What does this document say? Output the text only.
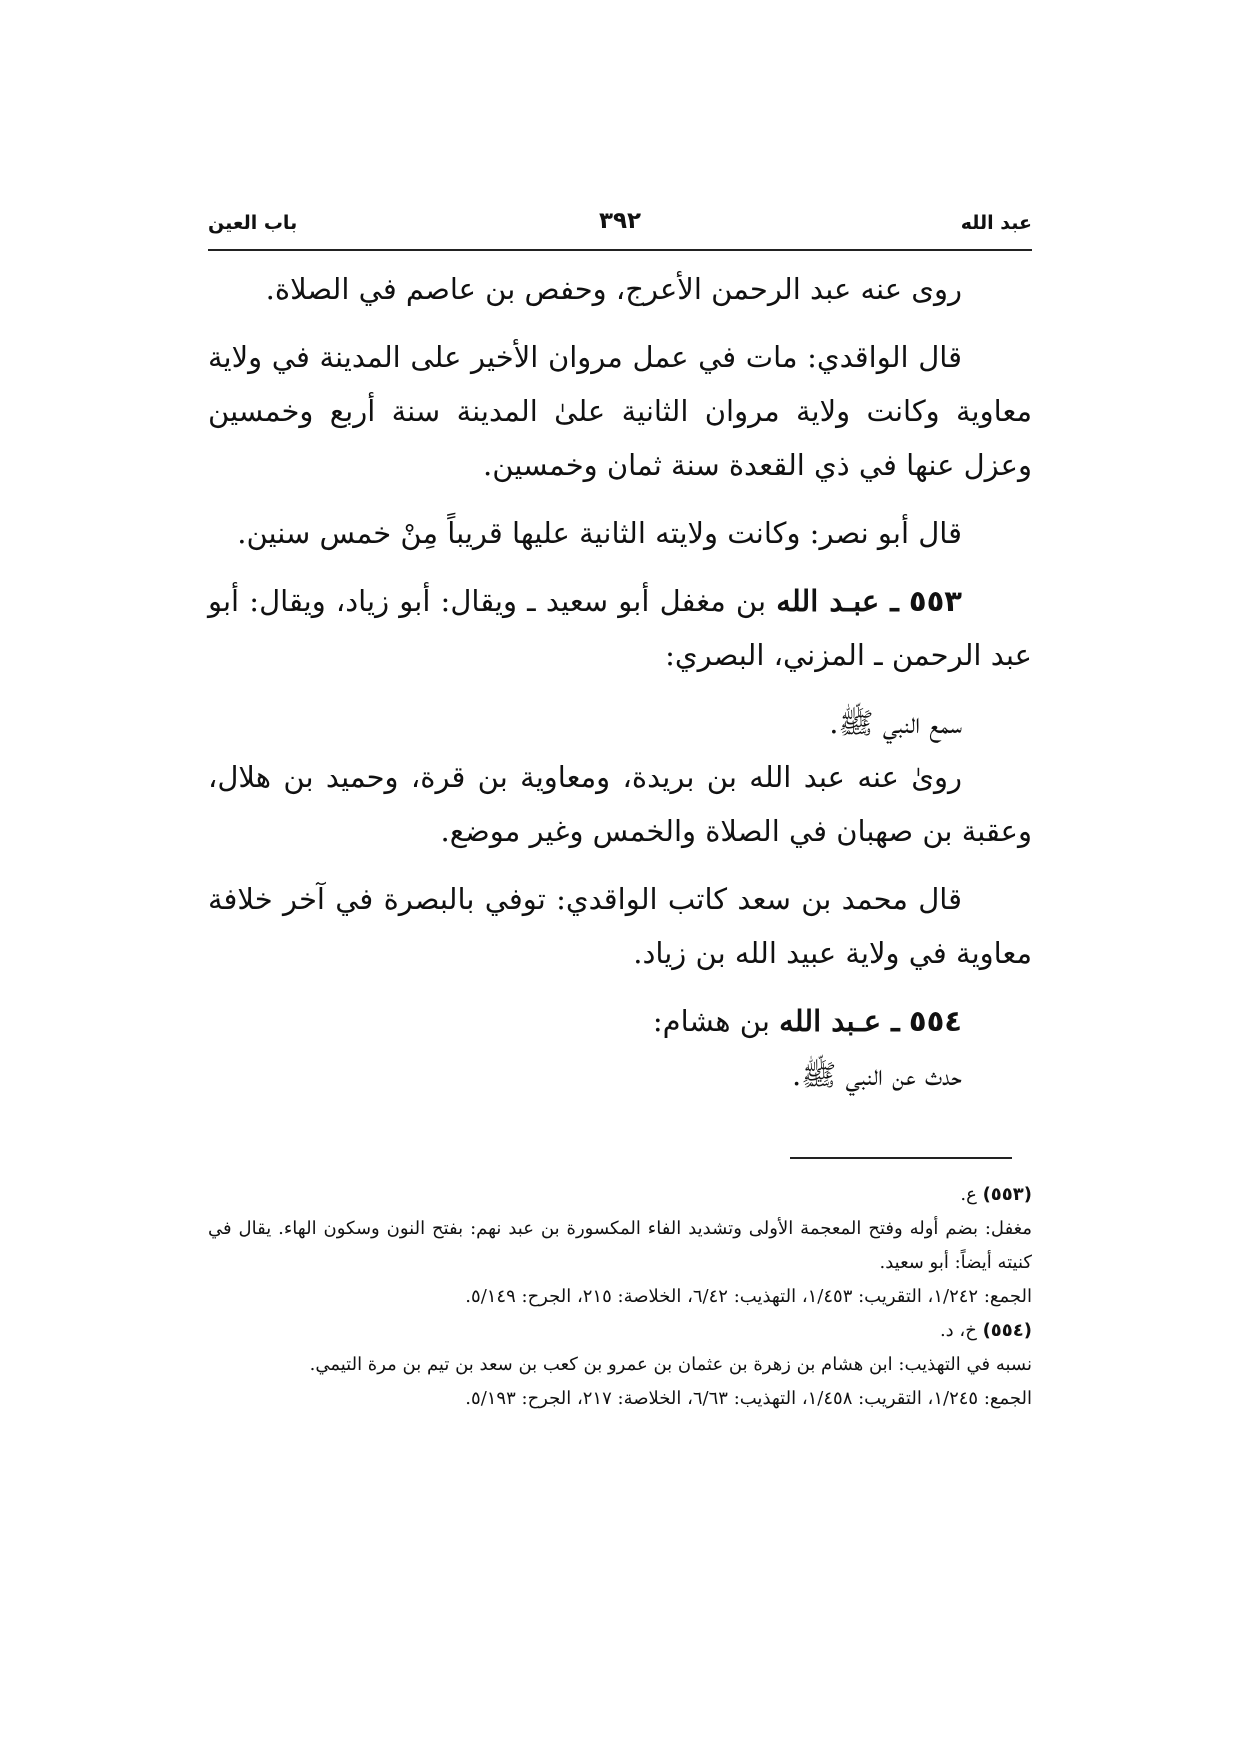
باب العين	٣٩٢	عبد الله

روى عنه عبد الرحمن الأعرج، وحفص بن عاصم في الصلاة.

قال الواقدي: مات في عمل مروان الأخير على المدينة في ولاية معاوية وكانت ولاية مروان الثانية علىٰ المدينة سنة أربع وخمسين وعزل عنها في ذي القعدة سنة ثمان وخمسين.

قال أبو نصر: وكانت ولايته الثانية عليها قريباً مِنْ خمس سنين.

٥٥٣ ـ عبـد الله بن مغفل أبو سعيد ـ ويقال: أبو زياد، ويقال: أبو عبد الرحمن ـ المزني، البصري:

سمع النبي ﷺ.

روىٰ عنه عبد الله بن بريدة، ومعاوية بن قرة، وحميد بن هلال، وعقبة بن صهبان في الصلاة والخمس وغير موضع.

قال محمد بن سعد كاتب الواقدي: توفي بالبصرة في آخر خلافة معاوية في ولاية عبيد الله بن زياد.

٥٥٤ ـ عـبد الله بن هشام:

حدث عن النبي ﷺ.

(٥٥٣) ع.

مغفل: بضم أوله وفتح المعجمة الأولى وتشديد الفاء المكسورة بن عبد نهم: بفتح النون وسكون الهاء. يقال في كنيته أيضاً: أبو سعيد.

الجمع: ١/٢٤٢، التقريب: ١/٤٥٣، التهذيب: ٦/٤٢، الخلاصة: ٢١٥، الجرح: ٥/١٤٩.

(٥٥٤) خ، د.

نسبه في التهذيب: ابن هشام بن زهرة بن عثمان بن عمرو بن كعب بن سعد بن تيم بن مرة التيمي.

الجمع: ١/٢٤٥، التقريب: ١/٤٥٨، التهذيب: ٦/٦٣، الخلاصة: ٢١٧، الجرح: ٥/١٩٣.
